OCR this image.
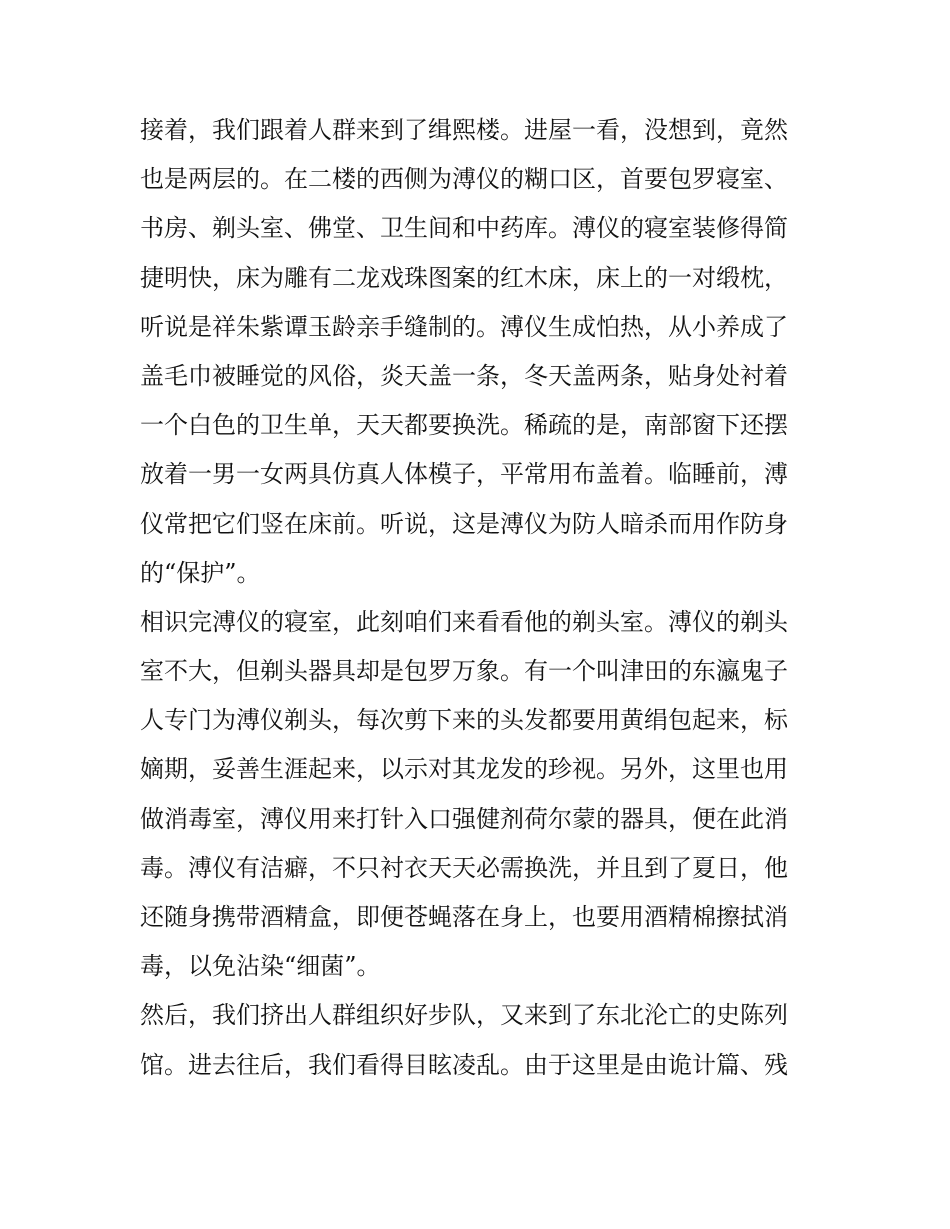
接着，我们跟着人群来到了缉熙楼。进屋一看，没想到，竟然
也是两层的。在二楼的西侧为溥仪的糊口区，首要包罗寝室、
书房、剃头室、佛堂、卫生间和中药库。溥仪的寝室装修得简
捷明快，床为雕有二龙戏珠图案的红木床，床上的一对缎枕，
听说是祥朱紫谭玉龄亲手缝制的。溥仪生成怕热，从小养成了
盖毛巾被睡觉的风俗，炎天盖一条，冬天盖两条，贴身处衬着
一个白色的卫生单，天天都要换洗。稀疏的是，南部窗下还摆
放着一男一女两具仿真人体模子，平常用布盖着。临睡前，溥
仪常把它们竖在床前。听说，这是溥仪为防人暗杀而用作防身
的“保护”。
相识完溥仪的寝室，此刻咱们来看看他的剃头室。溥仪的剃头
室不大，但剃头器具却是包罗万象。有一个叫津田的东瀛鬼子
人专门为溥仪剃头，每次剪下来的头发都要用黄绢包起来，标
嫡期，妥善生涯起来，以示对其龙发的珍视。另外，这里也用
做消毒室，溥仪用来打针入口强健剂荷尔蒙的器具，便在此消
毒。溥仪有洁癖，不只衬衣天天必需换洗，并且到了夏日，他
还随身携带酒精盒，即便苍蝇落在身上，也要用酒精棉擦拭消
毒，以免沾染“细菌”。
然后，我们挤出人群组织好步队，又来到了东北沦亡的史陈列
馆。进去往后，我们看得目眩凌乱。由于这里是由诡计篇、残
